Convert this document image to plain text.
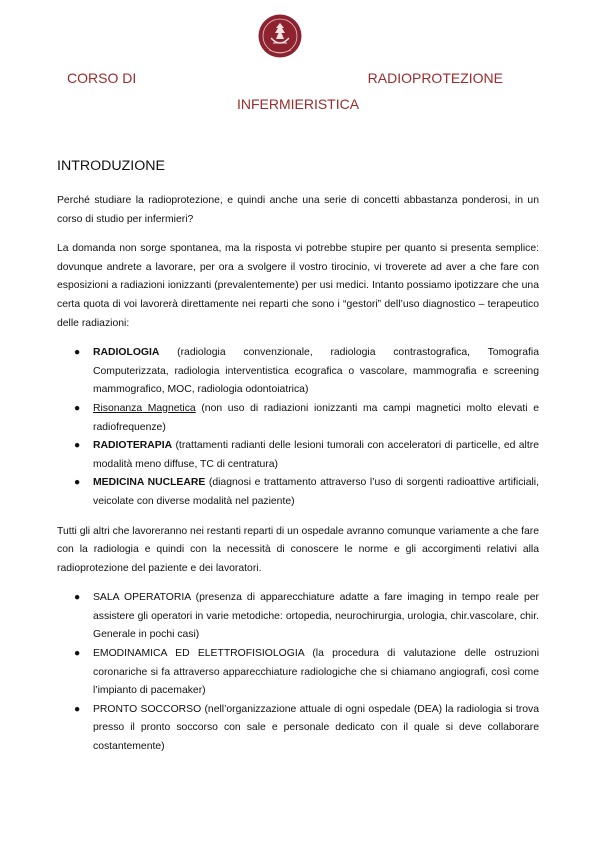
CORSO DI	RADIOPROTEZIONE
INFERMIERISTICA
INTRODUZIONE

Perché studiare la radioprotezione, e quindi anche una serie di concetti abbastanza ponderosi, in un corso di studio per infermieri?

La domanda non sorge spontanea, ma la risposta vi potrebbe stupire per quanto si presenta semplice: dovunque andrete a lavorare, per ora a svolgere il vostro tirocinio, vi troverete ad aver a che fare con esposizioni a radiazioni ionizzanti (prevalentemente) per usi medici. Intanto possiamo ipotizzare che una certa quota di voi lavorerà direttamente nei reparti che sono i “gestori” dell’uso diagnostico – terapeutico delle radiazioni:

● RADIOLOGIA (radiologia convenzionale, radiologia contrastografica, Tomografia Computerizzata, radiologia interventistica ecografica o vascolare, mammografia e screening mammografico, MOC, radiologia odontoiatrica)
● Risonanza Magnetica (non uso di radiazioni ionizzanti ma campi magnetici molto elevati e radiofrequenze)
● RADIOTERAPIA (trattamenti radianti delle lesioni tumorali con acceleratori di particelle, ed altre modalità meno diffuse, TC di centratura)
● MEDICINA NUCLEARE (diagnosi e trattamento attraverso l’uso di sorgenti radioattive artificiali, veicolate con diverse modalità nel paziente)

Tutti gli altri che lavoreranno nei restanti reparti di un ospedale avranno comunque variamente a che fare con la radiologia e quindi con la necessità di conoscere le norme e gli accorgimenti relativi alla radioprotezione del paziente e dei lavoratori.

● SALA OPERATORIA (presenza di apparecchiature adatte a fare imaging in tempo reale per assistere gli operatori in varie metodiche: ortopedia, neurochirurgia, urologia, chir.vascolare, chir. Generale in pochi casi)
● EMODINAMICA ED ELETTROFISIOLOGIA (la procedura di valutazione delle ostruzioni coronariche si fa attraverso apparecchiature radiologiche che si chiamano angiografi, così come l’impianto di pacemaker)
● PRONTO SOCCORSO (nell’organizzazione attuale di ogni ospedale (DEA) la radiologia si trova presso il pronto soccorso con sale e personale dedicato con il quale si deve collaborare costantemente)
